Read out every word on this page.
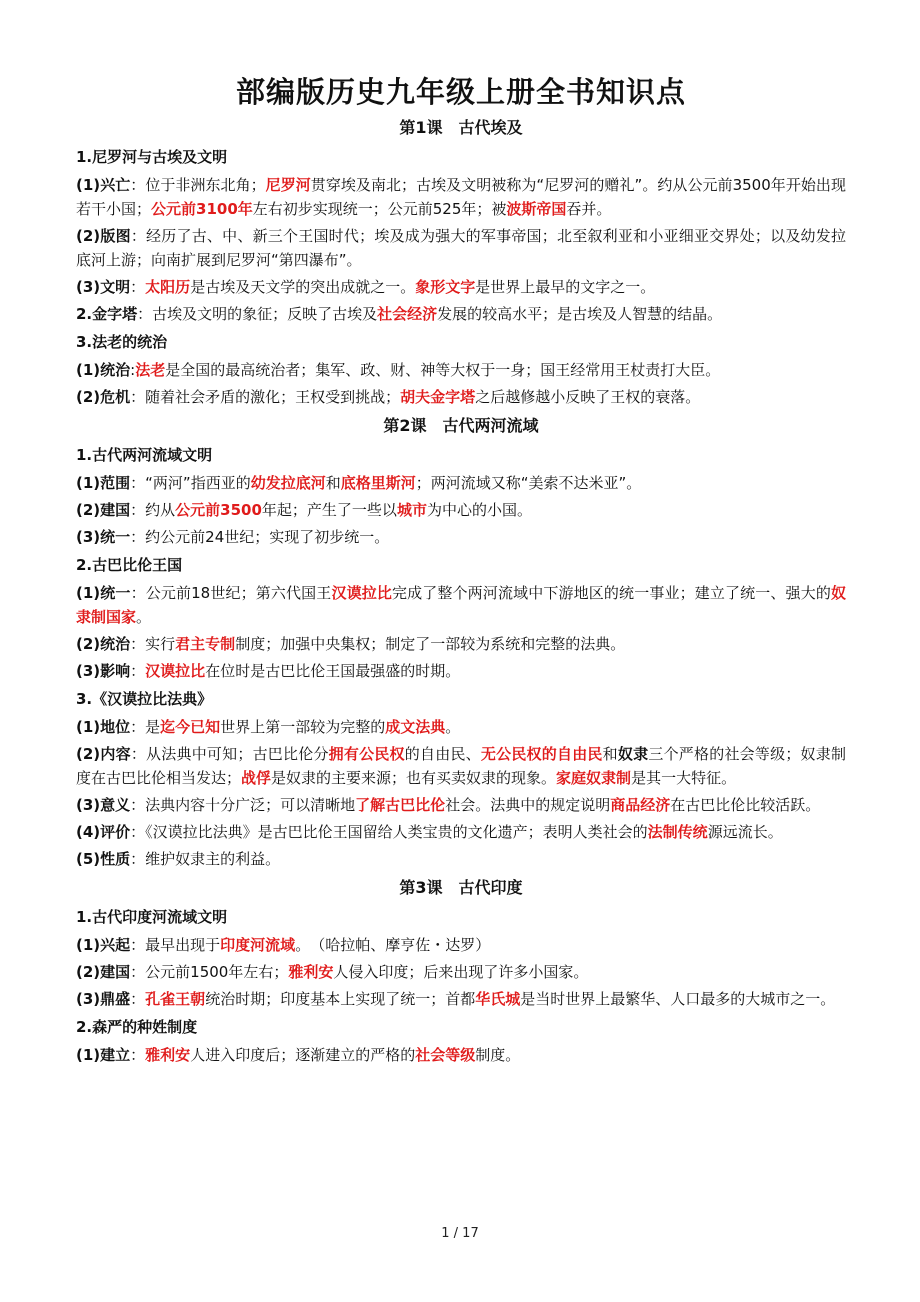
部编版历史九年级上册全书知识点
第1课　古代埃及
1.尼罗河与古埃及文明
(1)兴亡：位于非洲东北角；尼罗河贯穿埃及南北；古埃及文明被称为“尼罗河的赠礼”。约从公元前3500年开始出现若干小国；公元前3100年左右初步实现统一；公元前525年；被波斯帝国吞并。
(2)版图：经历了古、中、新三个王国时代；埃及成为强大的军事帝国；北至叙利亚和小亚细亚交界处；以及幼发拉底河上游；向南扩展到尼罗河“第四瀑布”。
(3)文明：太阳历是古埃及天文学的突出成就之一。象形文字是世界上最早的文字之一。
2.金字塔：古埃及文明的象征；反映了古埃及社会经济发展的较高水平；是古埃及人智慧的结晶。
3.法老的统治
(1)统治:法老是全国的最高统治者；集军、政、财、神等大权于一身；国王经常用王杖责打大臣。
(2)危机：随着社会矛盾的激化；王权受到挑战；胡夫金字塔之后越修越小反映了王权的衰落。
第2课　古代两河流域
1.古代两河流域文明
(1)范围：“两河”指西亚的幼发拉底河和底格里斯河；两河流域又称“美索不达米亚”。
(2)建国：约从公元前3500年起；产生了一些以城市为中心的小国。
(3)统一：约公元前24世纪；实现了初步统一。
2.古巴比伦王国
(1)统一：公元前18世纪；第六代国王汉谟拉比完成了整个两河流域中下游地区的统一事业；建立了统一、强大的奴隶制国家。
(2)统治：实行君主专制制度；加强中央集权；制定了一部较为系统和完整的法典。
(3)影响：汉谟拉比在位时是古巴比伦王国最强盛的时期。
3.《汉谟拉比法典》
(1)地位：是迄今已知世界上第一部较为完整的成文法典。
(2)内容：从法典中可知；古巴比伦分拥有公民权的自由民、无公民权的自由民和奴隶三个严格的社会等级；奴隶制度在古巴比伦相当发达；战俘是奴隶的主要来源；也有买卖奴隶的现象。家庭奴隶制是其一大特征。
(3)意义：法典内容十分广泛；可以清晰地了解古巴比伦社会。法典中的规定说明商品经济在古巴比伦比较活跃。
(4)评价：《汉谟拉比法典》是古巴比伦王国留给人类宝贵的文化遗产；表明人类社会的法制传统源远流长。
(5)性质：维护奴隶主的利益。
第3课　古代印度
1.古代印度河流域文明
(1)兴起：最早出现于印度河流域。　（哈拉帕、摩亨佐・达罗）
(2)建国：公元前1500年左右；雅利安人侵入印度；后来出现了许多小国家。
(3)鼎盛：孔雀王朝统治时期；印度基本上实现了统一；首都华氏城是当时世界上最繁华、人口最多的大城市之一。
2.森严的种姓制度
(1)建立：雅利安人进入印度后；逐渐建立的严格的社会等级制度。
1 / 17
